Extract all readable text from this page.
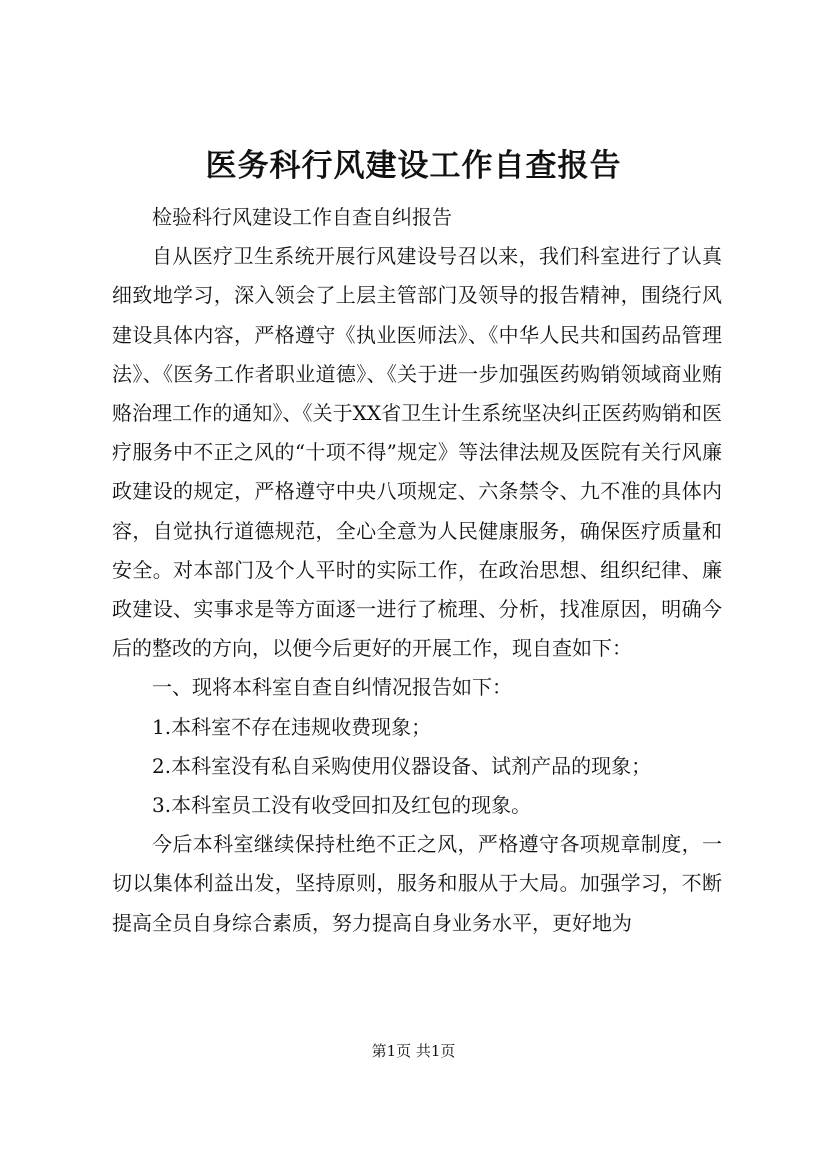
医务科行风建设工作自查报告

检验科行风建设工作自查自纠报告

自从医疗卫生系统开展行风建设号召以来，我们科室进行了认真细致地学习，深入领会了上层主管部门及领导的报告精神，围绕行风建设具体内容，严格遵守《执业医师法》、《中华人民共和国药品管理法》、《医务工作者职业道德》、《关于进一步加强医药购销领域商业贿赂治理工作的通知》、《关于XX省卫生计生系统坚决纠正医药购销和医疗服务中不正之风的“十项不得”规定》等法律法规及医院有关行风廉政建设的规定，严格遵守中央八项规定、六条禁令、九不准的具体内容，自觉执行道德规范，全心全意为人民健康服务，确保医疗质量和安全。对本部门及个人平时的实际工作，在政治思想、组织纪律、廉政建设、实事求是等方面逐一进行了梳理、分析，找准原因，明确今后的整改的方向，以便今后更好的开展工作，现自查如下：

一、现将本科室自查自纠情况报告如下：

1.本科室不存在违规收费现象；

2.本科室没有私自采购使用仪器设备、试剂产品的现象；

3.本科室员工没有收受回扣及红包的现象。

今后本科室继续保持杜绝不正之风，严格遵守各项规章制度，一切以集体利益出发，坚持原则，服务和服从于大局。加强学习，不断提高全员自身综合素质，努力提高自身业务水平，更好地为

第1页 共1页
